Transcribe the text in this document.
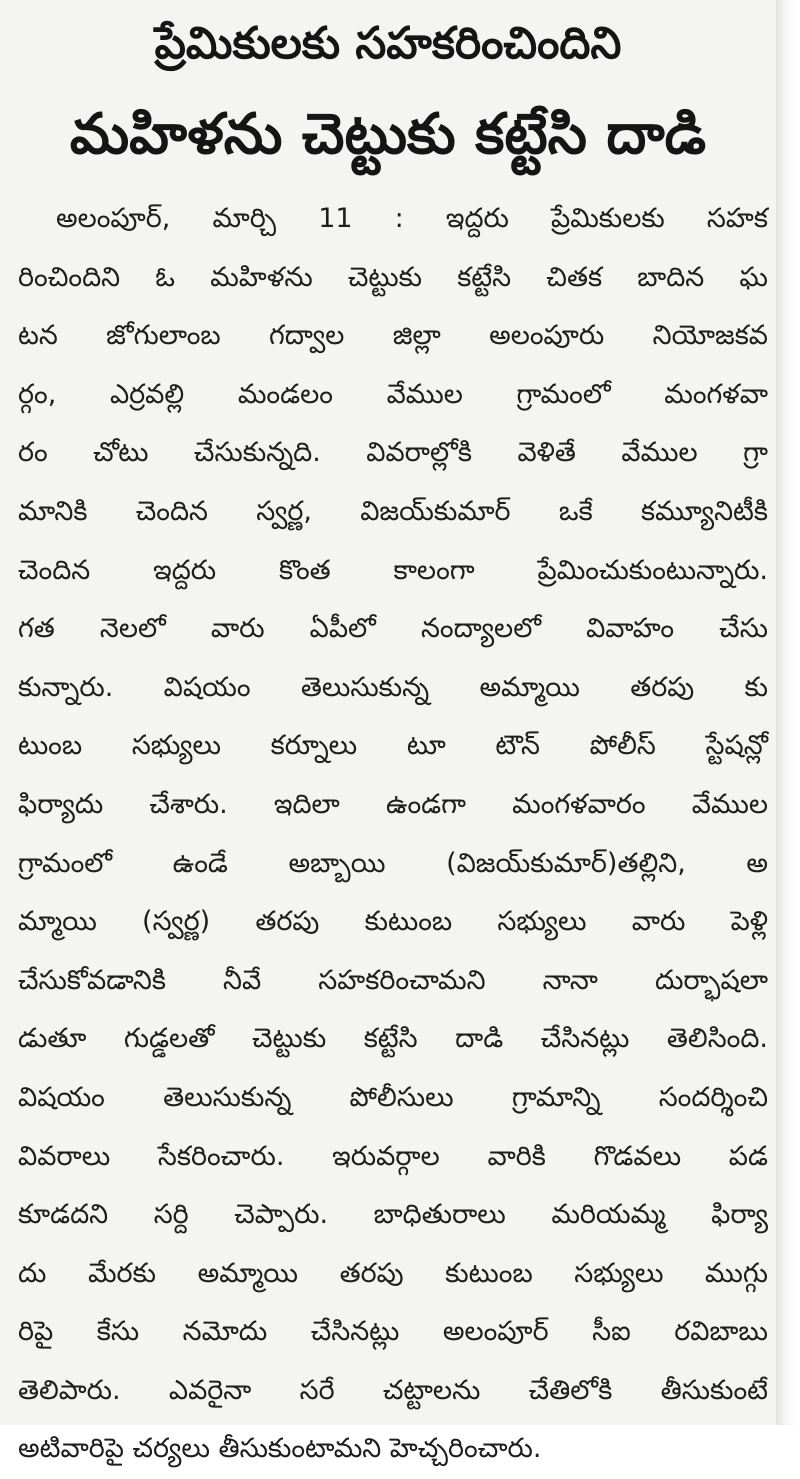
ప్రేమికులకు సహకరించిందిని
మహిళను చెట్టుకు కట్టేసి దాడి
అలంపూర్, మార్చి 11 : ఇద్దరు ప్రేమికులకు సహక
రించిందిని ఓ మహిళను చెట్టుకు కట్టేసి చితక బాదిన ఘ
టన జోగులాంబ గద్వాల జిల్లా అలంపూరు నియోజకవ
ర్గం, ఎర్రవల్లి మండలం వేముల గ్రామంలో మంగళవా
రం చోటు చేసుకున్నది. వివరాల్లోకి వెళితే వేముల గ్రా
మానికి చెందిన స్వర్ణ, విజయ్‌కుమార్ ఒకే కమ్యూనిటీకి
చెందిన ఇద్దరు కొంత కాలంగా ప్రేమించుకుంటున్నారు.
గత నెలలో వారు ఏపీలో నంద్యాలలో వివాహం చేసు
కున్నారు. విషయం తెలుసుకున్న అమ్మాయి తరపు కు
టుంబ సభ్యులు కర్నూలు టూ టౌన్ పోలీస్ స్టేషన్లో
ఫిర్యాదు చేశారు. ఇదిలా ఉండగా మంగళవారం వేముల
గ్రామంలో ఉండే అబ్బాయి (విజయ్‌కుమార్)తల్లిని, అ
మ్మాయి (స్వర్ణ) తరపు కుటుంబ సభ్యులు వారు పెళ్లి
చేసుకోవడానికి నీవే సహకరించామని నానా దుర్భాషలా
డుతూ గుడ్డలతో చెట్టుకు కట్టేసి దాడి చేసినట్లు తెలిసింది.
విషయం తెలుసుకున్న పోలీసులు గ్రామాన్ని సందర్శించి
వివరాలు సేకరించారు. ఇరువర్గాల వారికి గొడవలు పడ
కూడదని సర్ది చెప్పారు. బాధితురాలు మరియమ్మ ఫిర్యా
దు మేరకు అమ్మాయి తరపు కుటుంబ సభ్యులు ముగ్గు
రిపై కేసు నమోదు చేసినట్లు అలంపూర్ సీఐ రవిబాబు
తెలిపారు. ఎవరైనా సరే చట్టాలను చేతిలోకి తీసుకుంటే
అటివారిపై చర్యలు తీసుకుంటామని హెచ్చరించారు.
